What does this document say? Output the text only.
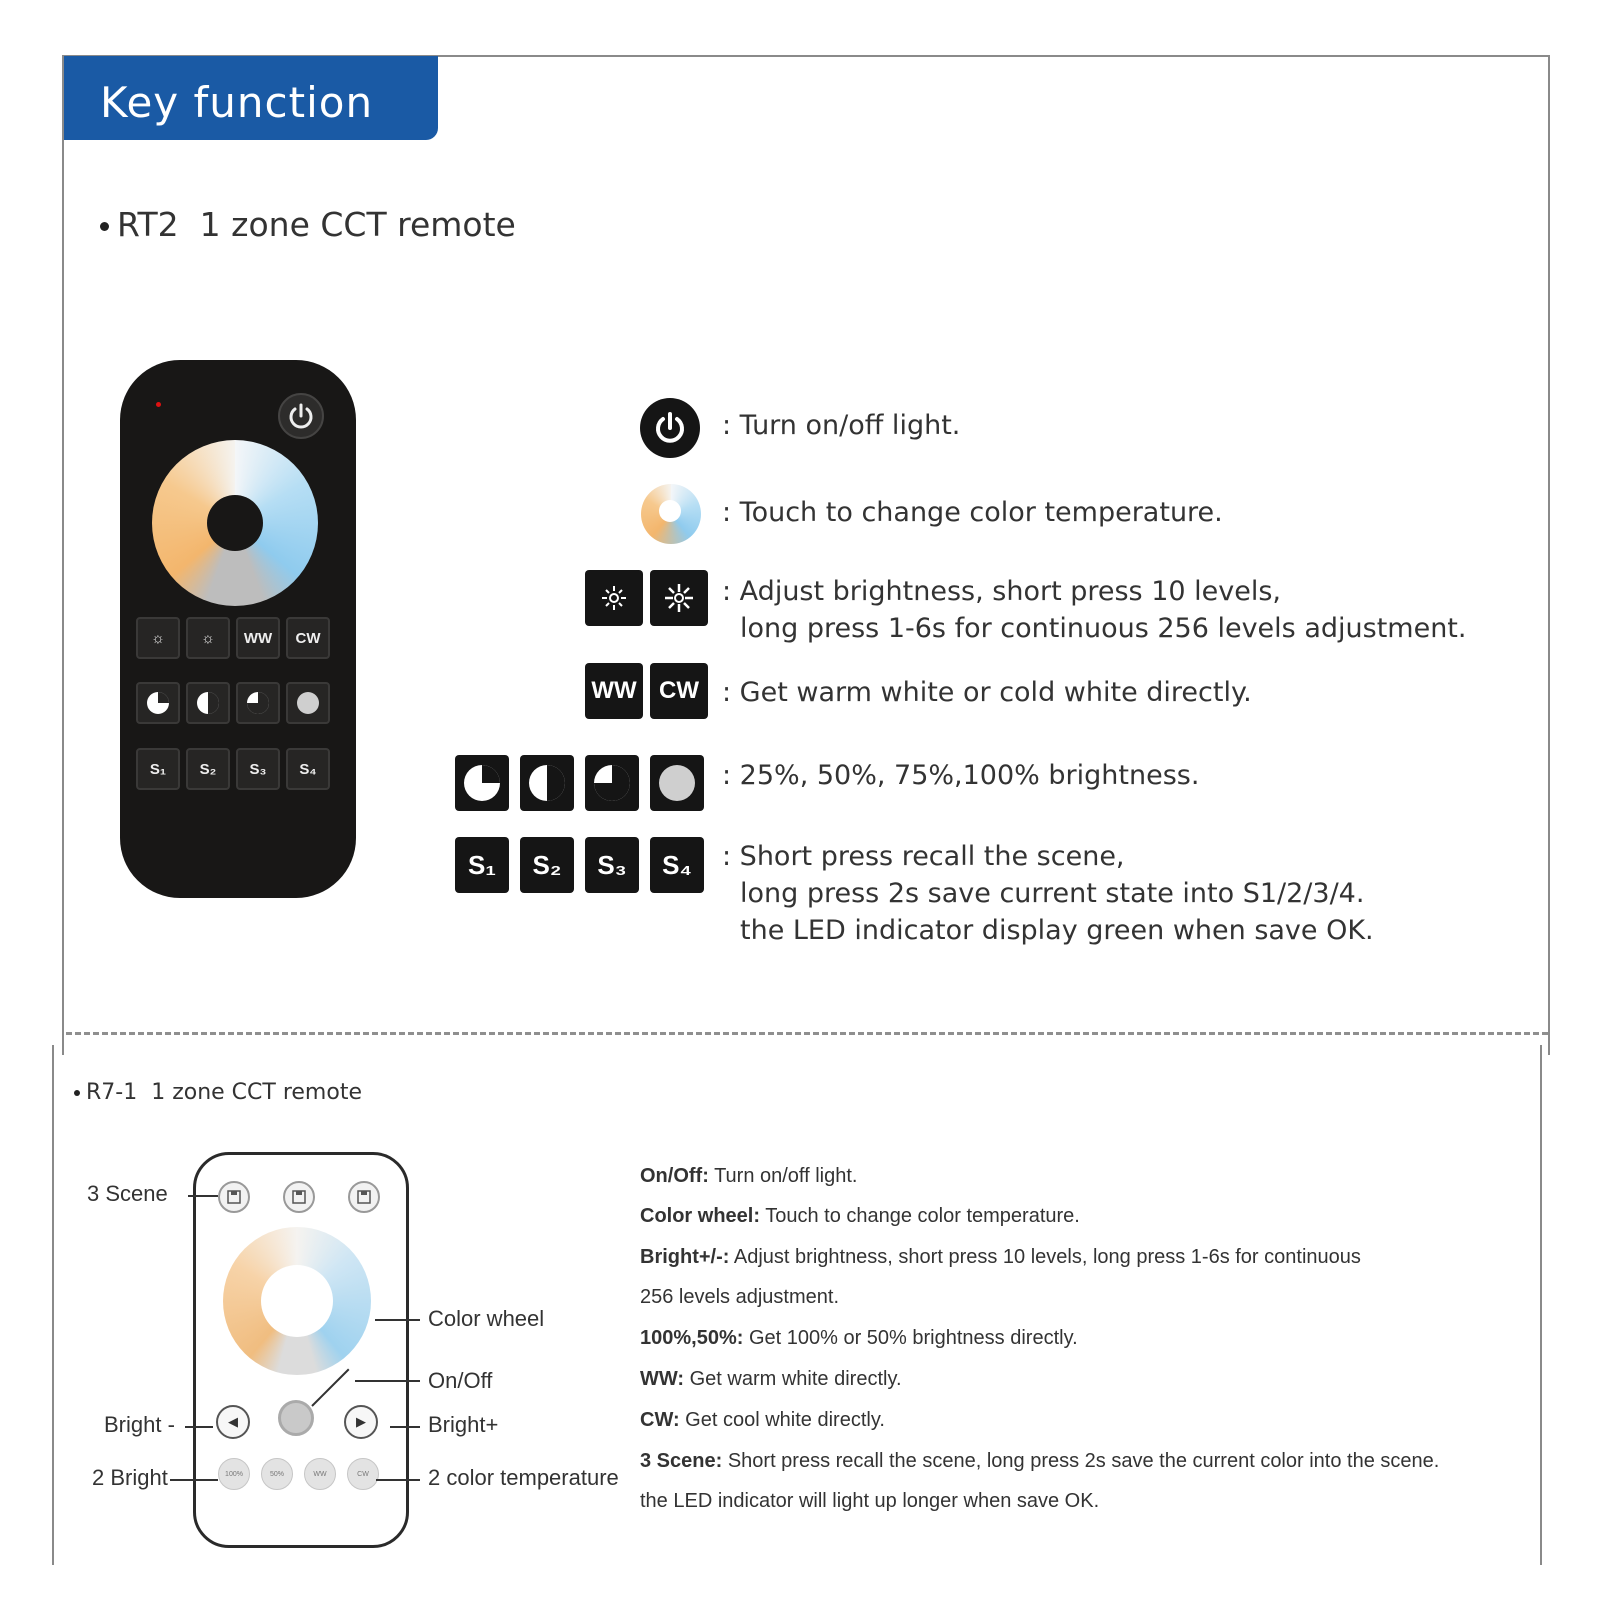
Key function
RT2  1 zone CCT remote
☼ ☼ WW CW
S₁ S₂ S₃ S₄
WW CW
S₁	S₂	S₃	S₄
: Turn on/off light.
: Touch to change color temperature.
: Adjust brightness, short press 10 levels,
long press 1-6s for continuous 256 levels adjustment.
: Get warm white or cold white directly.
: 25%, 50%, 75%,100% brightness.
: Short press recall the scene,
long press 2s save current state into S1/2/3/4.
the LED indicator display green when save OK.
R7-1  1 zone CCT remote
◀	▶
100%	50%	WW	CW
3 Scene
Color wheel
On/Off
Bright -	Bright+
2 Bright	2 color temperature
On/Off: Turn on/off light.
Color wheel: Touch to change color temperature.
Bright+/-: Adjust brightness, short press 10 levels, long press 1-6s for continuous
256 levels adjustment.
100%,50%: Get 100% or 50% brightness directly.
WW: Get warm white directly.
CW: Get cool white directly.
3 Scene: Short press recall the scene, long press 2s save the current color into the scene.
the LED indicator will light up longer when save OK.
